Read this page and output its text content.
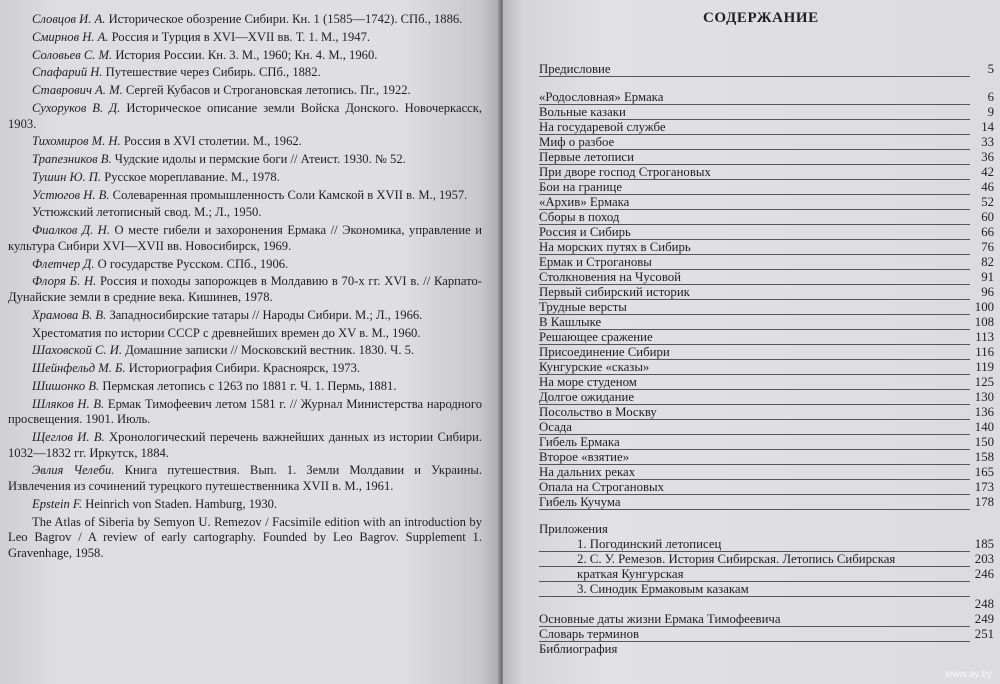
Словцов И. А. Историческое обозрение Сибири. Кн. 1 (1585—1742). СПб., 1886.

Смирнов Н. А. Россия и Турция в XVI—XVII вв. Т. 1. М., 1947.

Соловьев С. М. История России. Кн. 3. М., 1960; Кн. 4. М., 1960.

Спафарий Н. Путешествие через Сибирь. СПб., 1882.

Ставрович А. М. Сергей Кубасов и Строгановская летопись. Пг., 1922.

Сухоруков В. Д. Историческое описание земли Войска Донского. Новочеркасск, 1903.

Тихомиров М. Н. Россия в XVI столетии. М., 1962.

Трапезников В. Чудские идолы и пермские боги // Атеист. 1930. № 52.

Тушин Ю. П. Русское мореплавание. М., 1978.

Устюгов Н. В. Солеваренная промышленность Соли Камской в XVII в. М., 1957.

Устюжский летописный свод. М.; Л., 1950.

Фиалков Д. Н. О месте гибели и захоронения Ермака // Экономика, управление и культура Сибири XVI—XVII вв. Новосибирск, 1969.

Флетчер Д. О государстве Русском. СПб., 1906.

Флоря Б. Н. Россия и походы запорожцев в Молдавию в 70-х гг. XVI в. // Карпато-Дунайские земли в средние века. Кишинев, 1978.

Храмова В. В. Западносибирские татары // Народы Сибири. М.; Л., 1966.

Хрестоматия по истории СССР с древнейших времен до XV в. М., 1960.

Шаховской С. И. Домашние записки // Московский вестник. 1830. Ч. 5.

Шейнфельд М. Б. Историография Сибири. Красноярск, 1973.

Шишонко В. Пермская летопись с 1263 по 1881 г. Ч. 1. Пермь, 1881.

Шляков Н. В. Ермак Тимофеевич летом 1581 г. // Журнал Министерства народного просвещения. 1901. Июль.

Щеглов И. В. Хронологический перечень важнейших данных из истории Сибири. 1032—1832 гг. Иркутск, 1884.

Эвлия Челеби. Книга путешествия. Вып. 1. Земли Молдавии и Украины. Извлечения из сочинений турецкого путешественника XVII в. М., 1961.

Epstein F. Heinrich von Staden. Hamburg, 1930.

The Atlas of Siberia by Semyon U. Remezov / Facsimile edition with an introduction by Leo Bagrov / A review of early cartography. Founded by Leo Bagrov. Supplement 1. Gravenhage, 1958.

СОДЕРЖАНИЕ
Предисловие	5
«Родословная» Ермака	6
Вольные казаки	9
На государевой службе	14
Миф о разбое	33
Первые летописи	36
При дворе господ Строгановых	42
Бои на границе	46
«Архив» Ермака	52
Сборы в поход	60
Россия и Сибирь	66
На морских путях в Сибирь	76
Ермак и Строгановы	82
Столкновения на Чусовой	91
Первый сибирский историк	96
Трудные версты	100
В Кашлыке	108
Решающее сражение	113
Присоединение Сибири	116
Кунгурские «сказы»	119
На море студеном	125
Долгое ожидание	130
Посольство в Москву	136
Осада	140
Гибель Ермака	150
Второе «взятие»	158
На дальних реках	165
Опала на Строгановых	173
Гибель Кучума	178
Приложения
1. Погодинский летописец	185
2. С. У. Ремезов. История Сибирская. Летопись Сибирская	203
краткая Кунгурская	246
3. Синодик Ермаковым казакам
248
Основные даты жизни Ермака Тимофеевича	249
Словарь терминов	251
Библиография
www.ay.by
